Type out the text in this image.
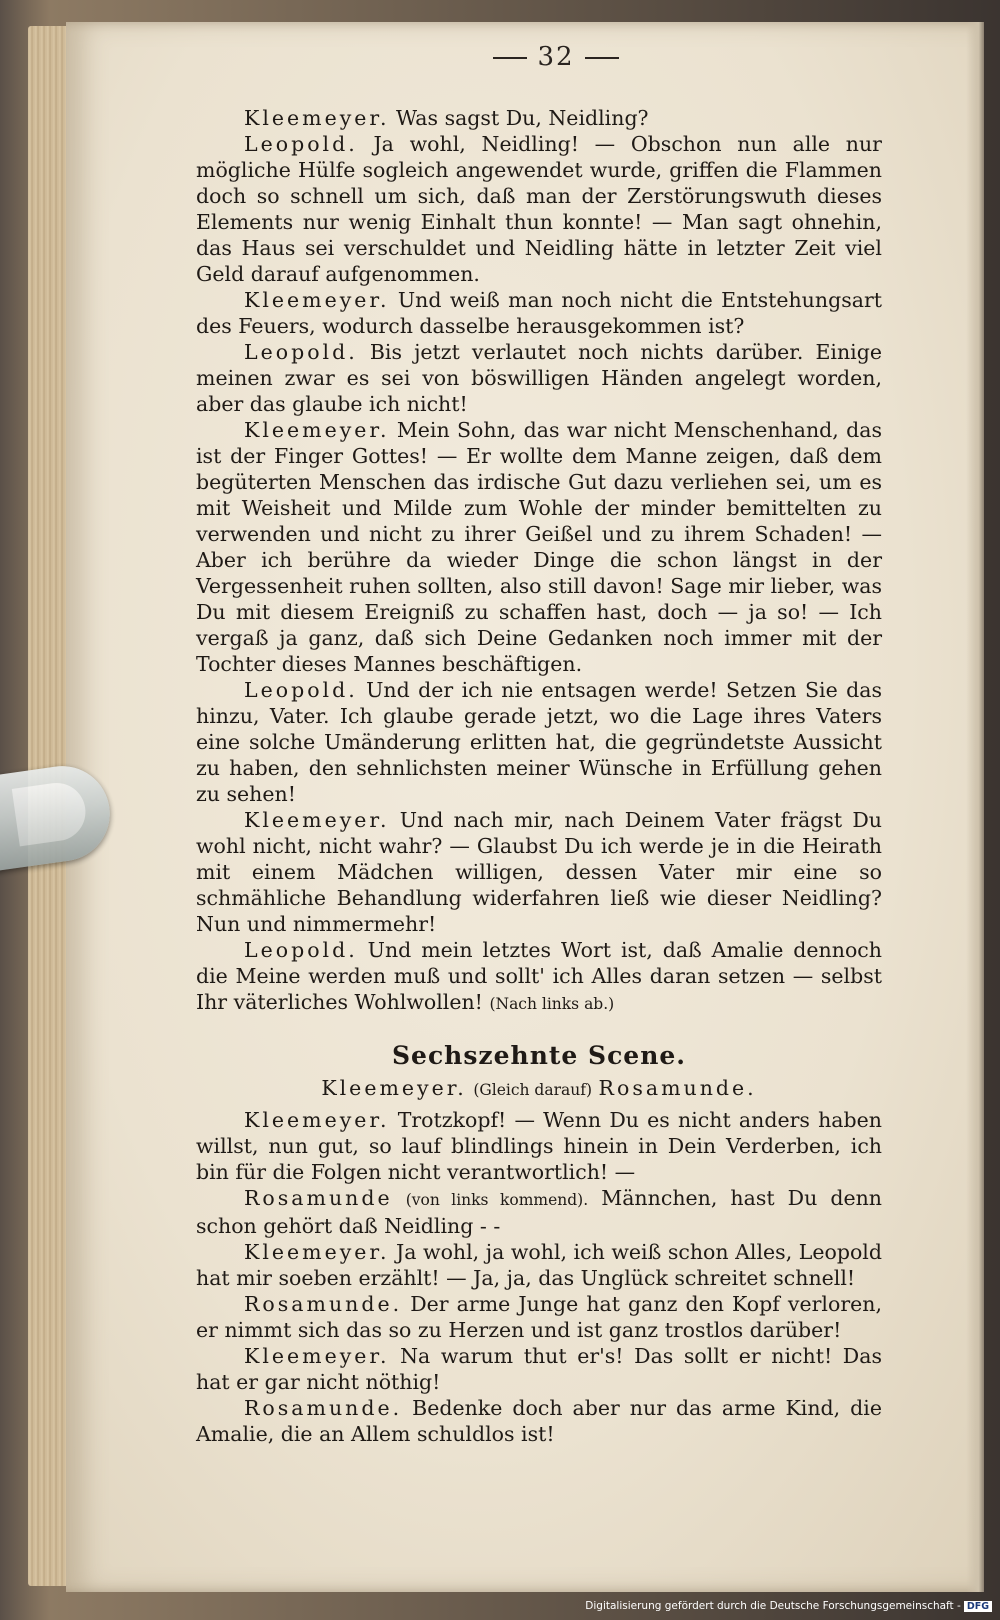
32

Kleemeyer. Was sagst Du, Neidling?

Leopold. Ja wohl, Neidling! — Obschon nun alle nur mögliche Hülfe sogleich angewendet wurde, griffen die Flammen doch so schnell um sich, daß man der Zerstörungswuth dieses Elements nur wenig Einhalt thun konnte! — Man sagt ohnehin, das Haus sei verschuldet und Neidling hätte in letzter Zeit viel Geld darauf aufgenommen.

Kleemeyer. Und weiß man noch nicht die Entstehungsart des Feuers, wodurch dasselbe herausgekommen ist?

Leopold. Bis jetzt verlautet noch nichts darüber. Einige meinen zwar es sei von böswilligen Händen angelegt worden, aber das glaube ich nicht!

Kleemeyer. Mein Sohn, das war nicht Menschenhand, das ist der Finger Gottes! — Er wollte dem Manne zeigen, daß dem begüterten Menschen das irdische Gut dazu verliehen sei, um es mit Weisheit und Milde zum Wohle der minder bemittelten zu verwenden und nicht zu ihrer Geißel und zu ihrem Schaden! — Aber ich berühre da wieder Dinge die schon längst in der Vergessenheit ruhen sollten, also still davon! Sage mir lieber, was Du mit diesem Ereigniß zu schaffen hast, doch — ja so! — Ich vergaß ja ganz, daß sich Deine Gedanken noch immer mit der Tochter dieses Mannes beschäftigen.

Leopold. Und der ich nie entsagen werde! Setzen Sie das hinzu, Vater. Ich glaube gerade jetzt, wo die Lage ihres Vaters eine solche Umänderung erlitten hat, die gegründetste Aussicht zu haben, den sehnlichsten meiner Wünsche in Erfüllung gehen zu sehen!

Kleemeyer. Und nach mir, nach Deinem Vater frägst Du wohl nicht, nicht wahr? — Glaubst Du ich werde je in die Heirath mit einem Mädchen willigen, dessen Vater mir eine so schmähliche Behandlung widerfahren ließ wie dieser Neidling? Nun und nimmermehr!

Leopold. Und mein letztes Wort ist, daß Amalie dennoch die Meine werden muß und sollt' ich Alles daran setzen — selbst Ihr väterliches Wohlwollen! (Nach links ab.)

Sechszehnte Scene.

Kleemeyer. (Gleich darauf) Rosamunde.

Kleemeyer. Trotzkopf! — Wenn Du es nicht anders haben willst, nun gut, so lauf blindlings hinein in Dein Verderben, ich bin für die Folgen nicht verantwortlich! —

Rosamunde (von links kommend). Männchen, hast Du denn schon gehört daß Neidling - -

Kleemeyer. Ja wohl, ja wohl, ich weiß schon Alles, Leopold hat mir soeben erzählt! — Ja, ja, das Unglück schreitet schnell!

Rosamunde. Der arme Junge hat ganz den Kopf verloren, er nimmt sich das so zu Herzen und ist ganz trostlos darüber!

Kleemeyer. Na warum thut er's! Das sollt er nicht! Das hat er gar nicht nöthig!

Rosamunde. Bedenke doch aber nur das arme Kind, die Amalie, die an Allem schuldlos ist!

Digitalisierung gefördert durch die Deutsche Forschungsgemeinschaft - DFG
